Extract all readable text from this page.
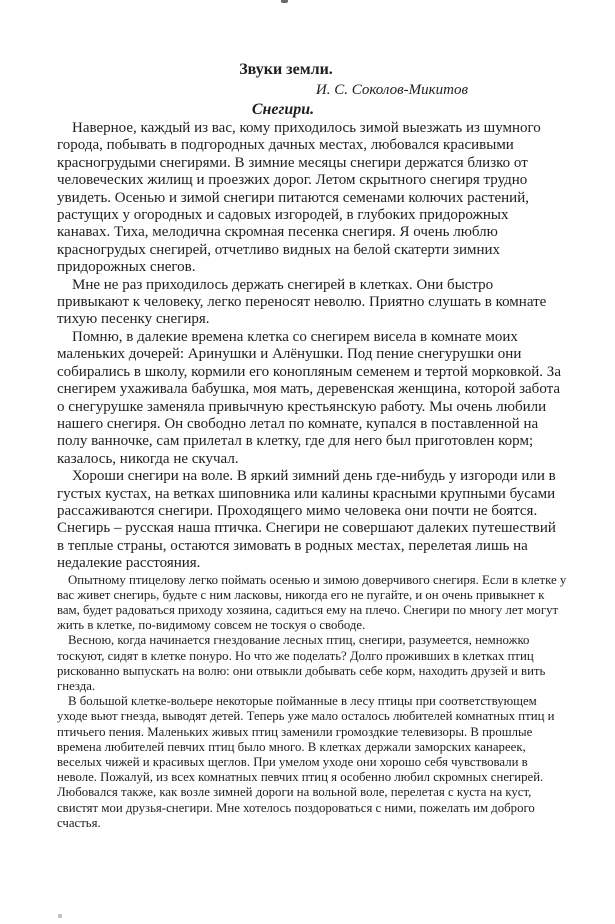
Звуки земли.
И. С. Соколов-Микитов
Снегири.

Наверное, каждый из вас, кому приходилось зимой выезжать из шумного города, побывать в подгородных дачных местах, любовался красивыми красногрудыми снегирями. В зимние месяцы снегири держатся близко от человеческих жилищ и проезжих дорог. Летом скрытного снегиря трудно увидеть. Осенью и зимой снегири питаются семенами колючих растений, растущих у огородных и садовых изгородей, в глубоких придорожных канавах. Тиха, мелодична скромная песенка снегиря. Я очень люблю красногрудых снегирей, отчетливо видных на белой скатерти зимних придорожных снегов.

Мне не раз приходилось держать снегирей в клетках. Они быстро привыкают к человеку, легко переносят неволю. Приятно слушать в комнате тихую песенку снегиря.

Помню, в далекие времена клетка со снегирем висела в комнате моих маленьких дочерей: Аринушки и Алёнушки. Под пение снегурушки они собирались в школу, кормили его конопляным семенем и тертой морковкой. За снегирем ухаживала бабушка, моя мать, деревенская женщина, которой забота о снегурушке заменяла привычную крестьянскую работу. Мы очень любили нашего снегиря. Он свободно летал по комнате, купался в поставленной на полу ванночке, сам прилетал в клетку, где для него был приготовлен корм; казалось, никогда не скучал.

Хороши снегири на воле. В яркий зимний день где-нибудь у изгороди или в густых кустах, на ветках шиповника или калины красными крупными бусами рассаживаются снегири. Проходящего мимо человека они почти не боятся. Снегирь – русская наша птичка. Снегири не совершают далеких путешествий в теплые страны, остаются зимовать в родных местах, перелетая лишь на недалекие расстояния.

Опытному птицелову легко поймать осенью и зимою доверчивого снегиря. Если в клетке у вас живет снегирь, будьте с ним ласковы, никогда его не пугайте, и он очень привыкнет к вам, будет радоваться приходу хозяина, садиться ему на плечо. Снегири по многу лет могут жить в клетке, по-видимому совсем не тоскуя о свободе.

Весною, когда начинается гнездование лесных птиц, снегири, разумеется, немножко тоскуют, сидят в клетке понуро. Но что же поделать? Долго проживших в клетках птиц рискованно выпускать на волю: они отвыкли добывать себе корм, находить друзей и вить гнезда.

В большой клетке-вольере некоторые пойманные в лесу птицы при соответствующем уходе вьют гнезда, выводят детей. Теперь уже мало осталось любителей комнатных птиц и птичьего пения. Маленьких живых птиц заменили громоздкие телевизоры. В прошлые времена любителей певчих птиц было много. В клетках держали заморских канареек, веселых чижей и красивых щеглов. При умелом уходе они хорошо себя чувствовали в неволе. Пожалуй, из всех комнатных певчих птиц я особенно любил скромных снегирей. Любовался также, как возле зимней дороги на вольной воле, перелетая с куста на куст, свистят мои друзья-снегири. Мне хотелось поздороваться с ними, пожелать им доброго счастья.
